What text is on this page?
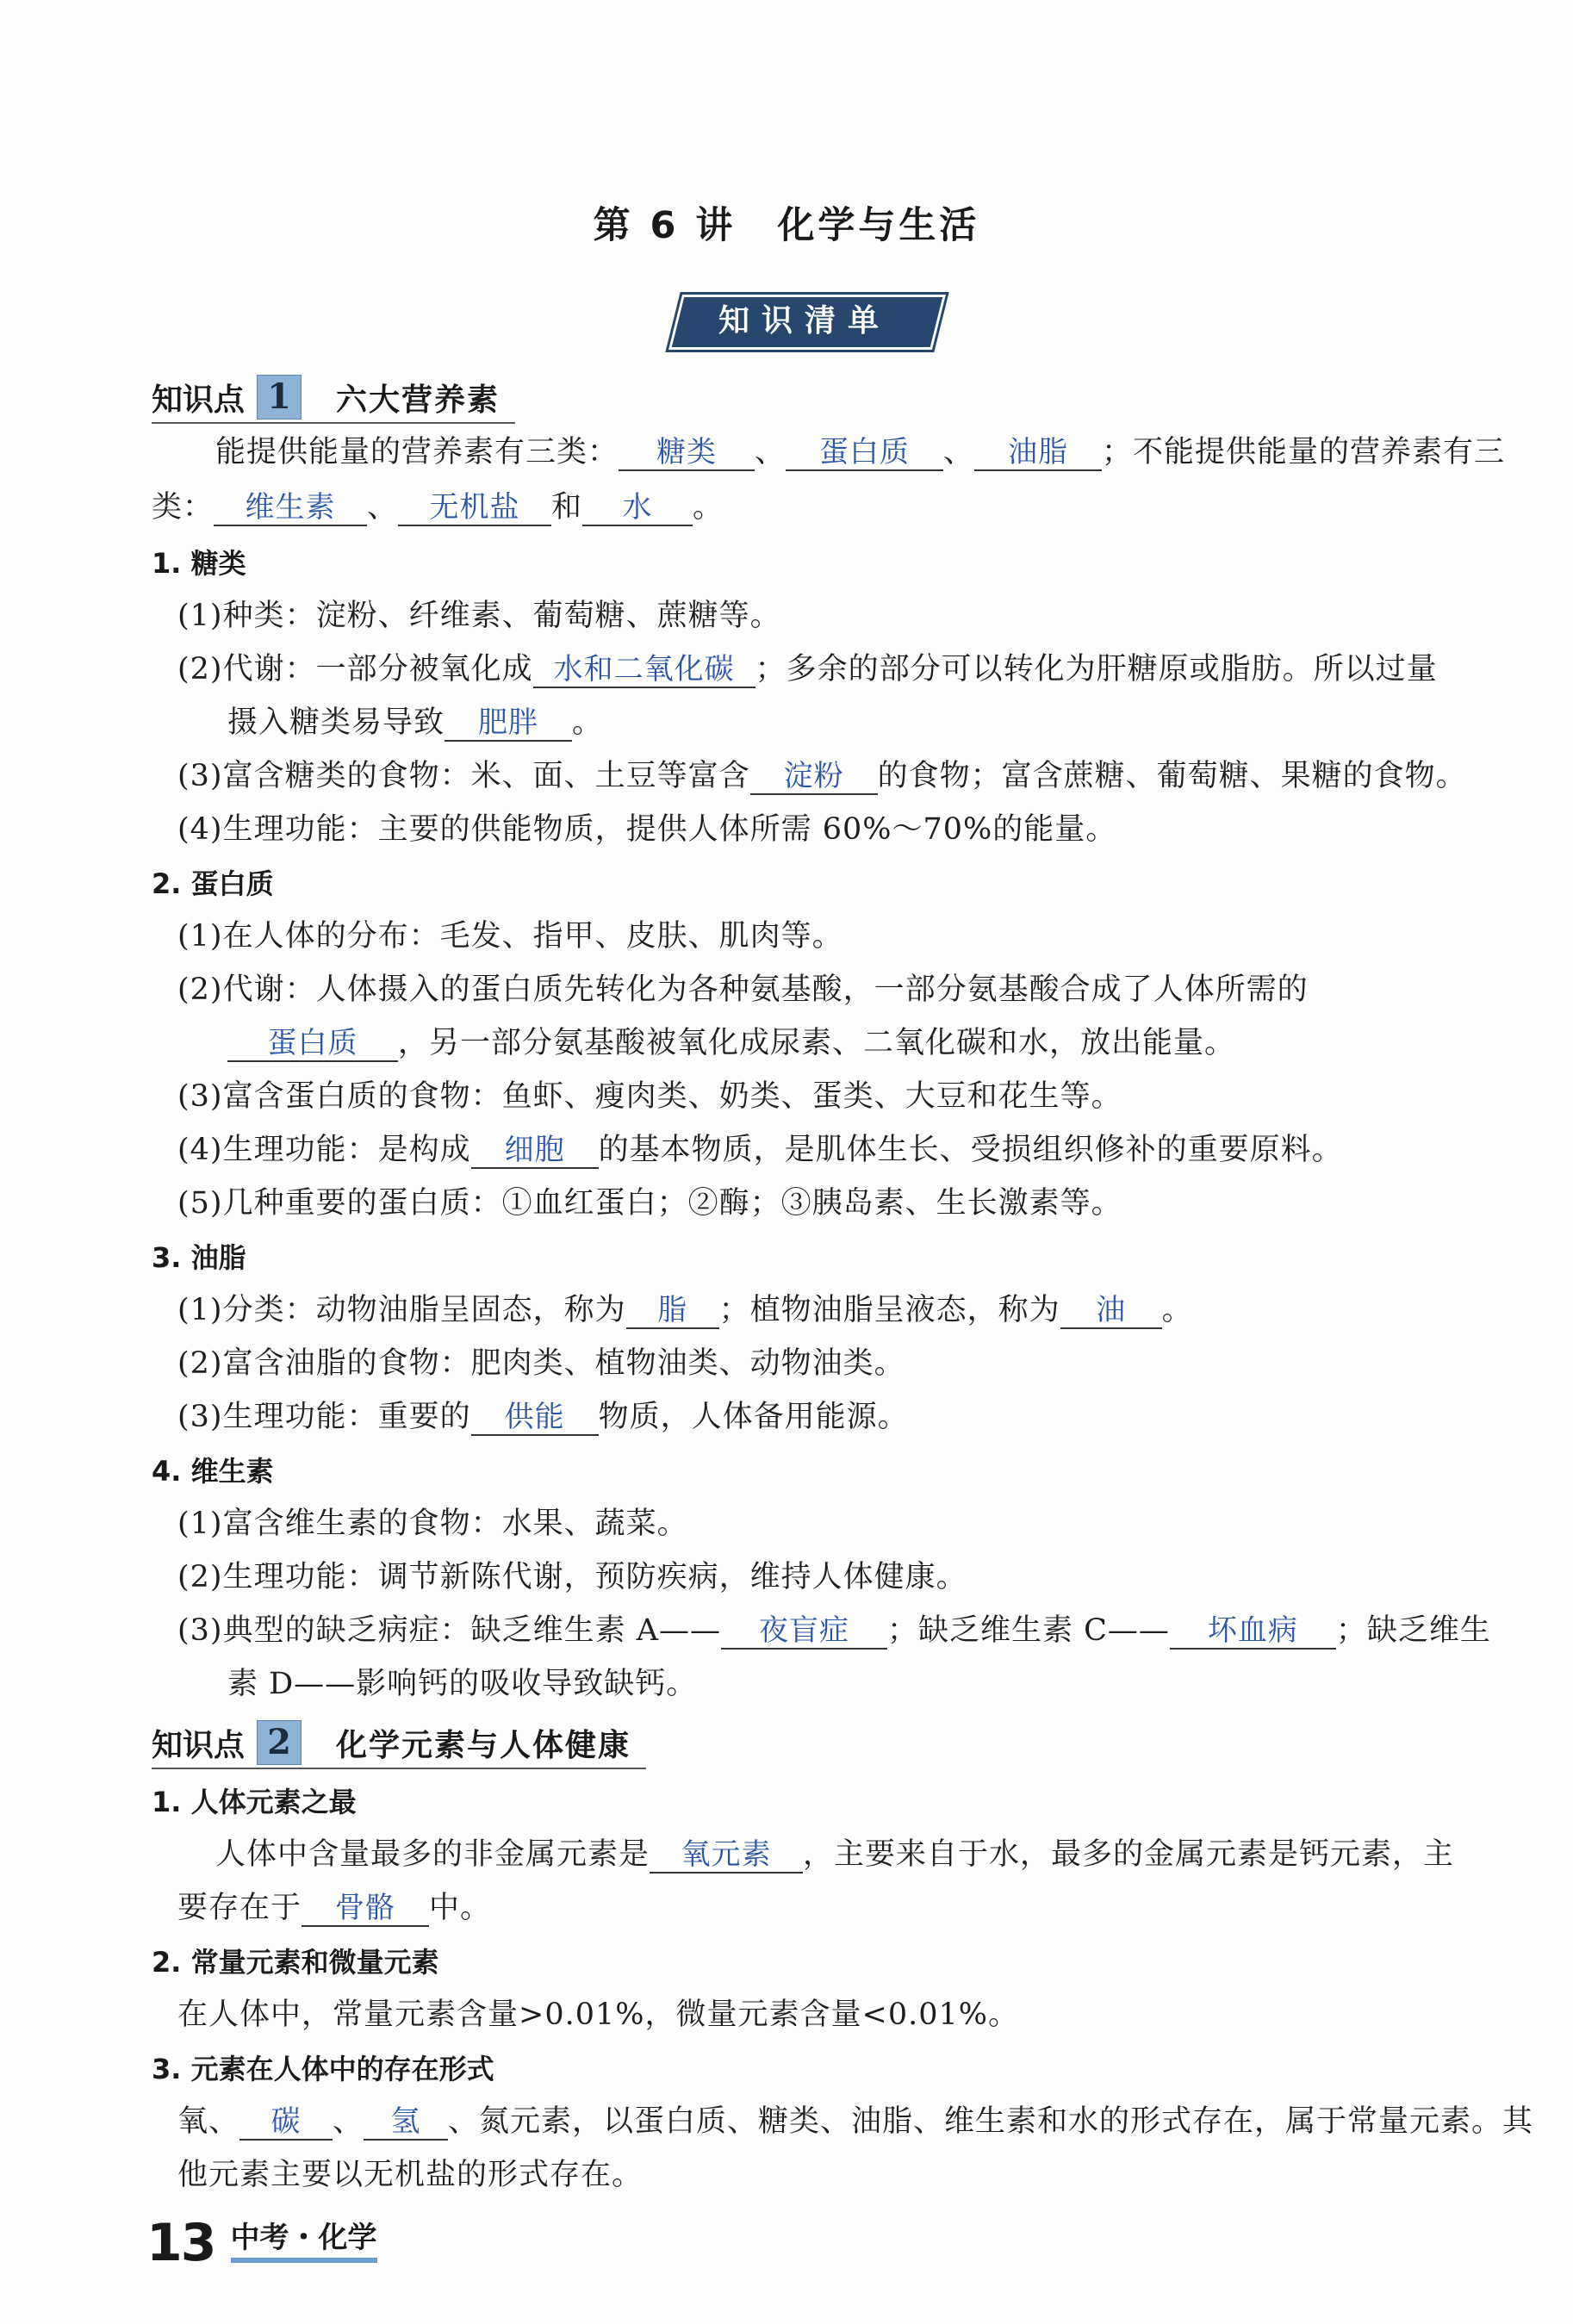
第 6 讲 化学与生活
知识清单
知识点 1	六大营养素
能提供能量的营养素有三类： 糖类 、 蛋白质 、 油脂 ；不能提供能量的营养素有三
类： 维生素 、 无机盐 和 水 。
1. 糖类
(1)种类：淀粉、纤维素、葡萄糖、蔗糖等。
(2)代谢：一部分被氧化成 水和二氧化碳 ；多余的部分可以转化为肝糖原或脂肪。所以过量
摄入糖类易导致 肥胖 。
(3)富含糖类的食物：米、面、土豆等富含 淀粉 的食物；富含蔗糖、葡萄糖、果糖的食物。
(4)生理功能：主要的供能物质，提供人体所需 60%～70%的能量。
2. 蛋白质
(1)在人体的分布：毛发、指甲、皮肤、肌肉等。
(2)代谢：人体摄入的蛋白质先转化为各种氨基酸，一部分氨基酸合成了人体所需的
蛋白质 ，另一部分氨基酸被氧化成尿素、二氧化碳和水，放出能量。
(3)富含蛋白质的食物：鱼虾、瘦肉类、奶类、蛋类、大豆和花生等。
(4)生理功能：是构成 细胞 的基本物质，是肌体生长、受损组织修补的重要原料。
(5)几种重要的蛋白质：①血红蛋白；②酶；③胰岛素、生长激素等。
3. 油脂
(1)分类：动物油脂呈固态，称为 脂 ；植物油脂呈液态，称为 油 。
(2)富含油脂的食物：肥肉类、植物油类、动物油类。
(3)生理功能：重要的 供能 物质，人体备用能源。
4. 维生素
(1)富含维生素的食物：水果、蔬菜。
(2)生理功能：调节新陈代谢，预防疾病，维持人体健康。
(3)典型的缺乏病症：缺乏维生素 A—— 夜盲症 ；缺乏维生素 C—— 坏血病 ；缺乏维生
素 D——影响钙的吸收导致缺钙。
知识点 2	化学元素与人体健康
1. 人体元素之最
人体中含量最多的非金属元素是 氧元素 ，主要来自于水，最多的金属元素是钙元素，主
要存在于 骨骼 中。
2. 常量元素和微量元素
在人体中，常量元素含量>0.01%，微量元素含量<0.01%。
3. 元素在人体中的存在形式
氧、 碳 、 氢 、氮元素，以蛋白质、糖类、油脂、维生素和水的形式存在，属于常量元素。其
他元素主要以无机盐的形式存在。
13 中考・化学
